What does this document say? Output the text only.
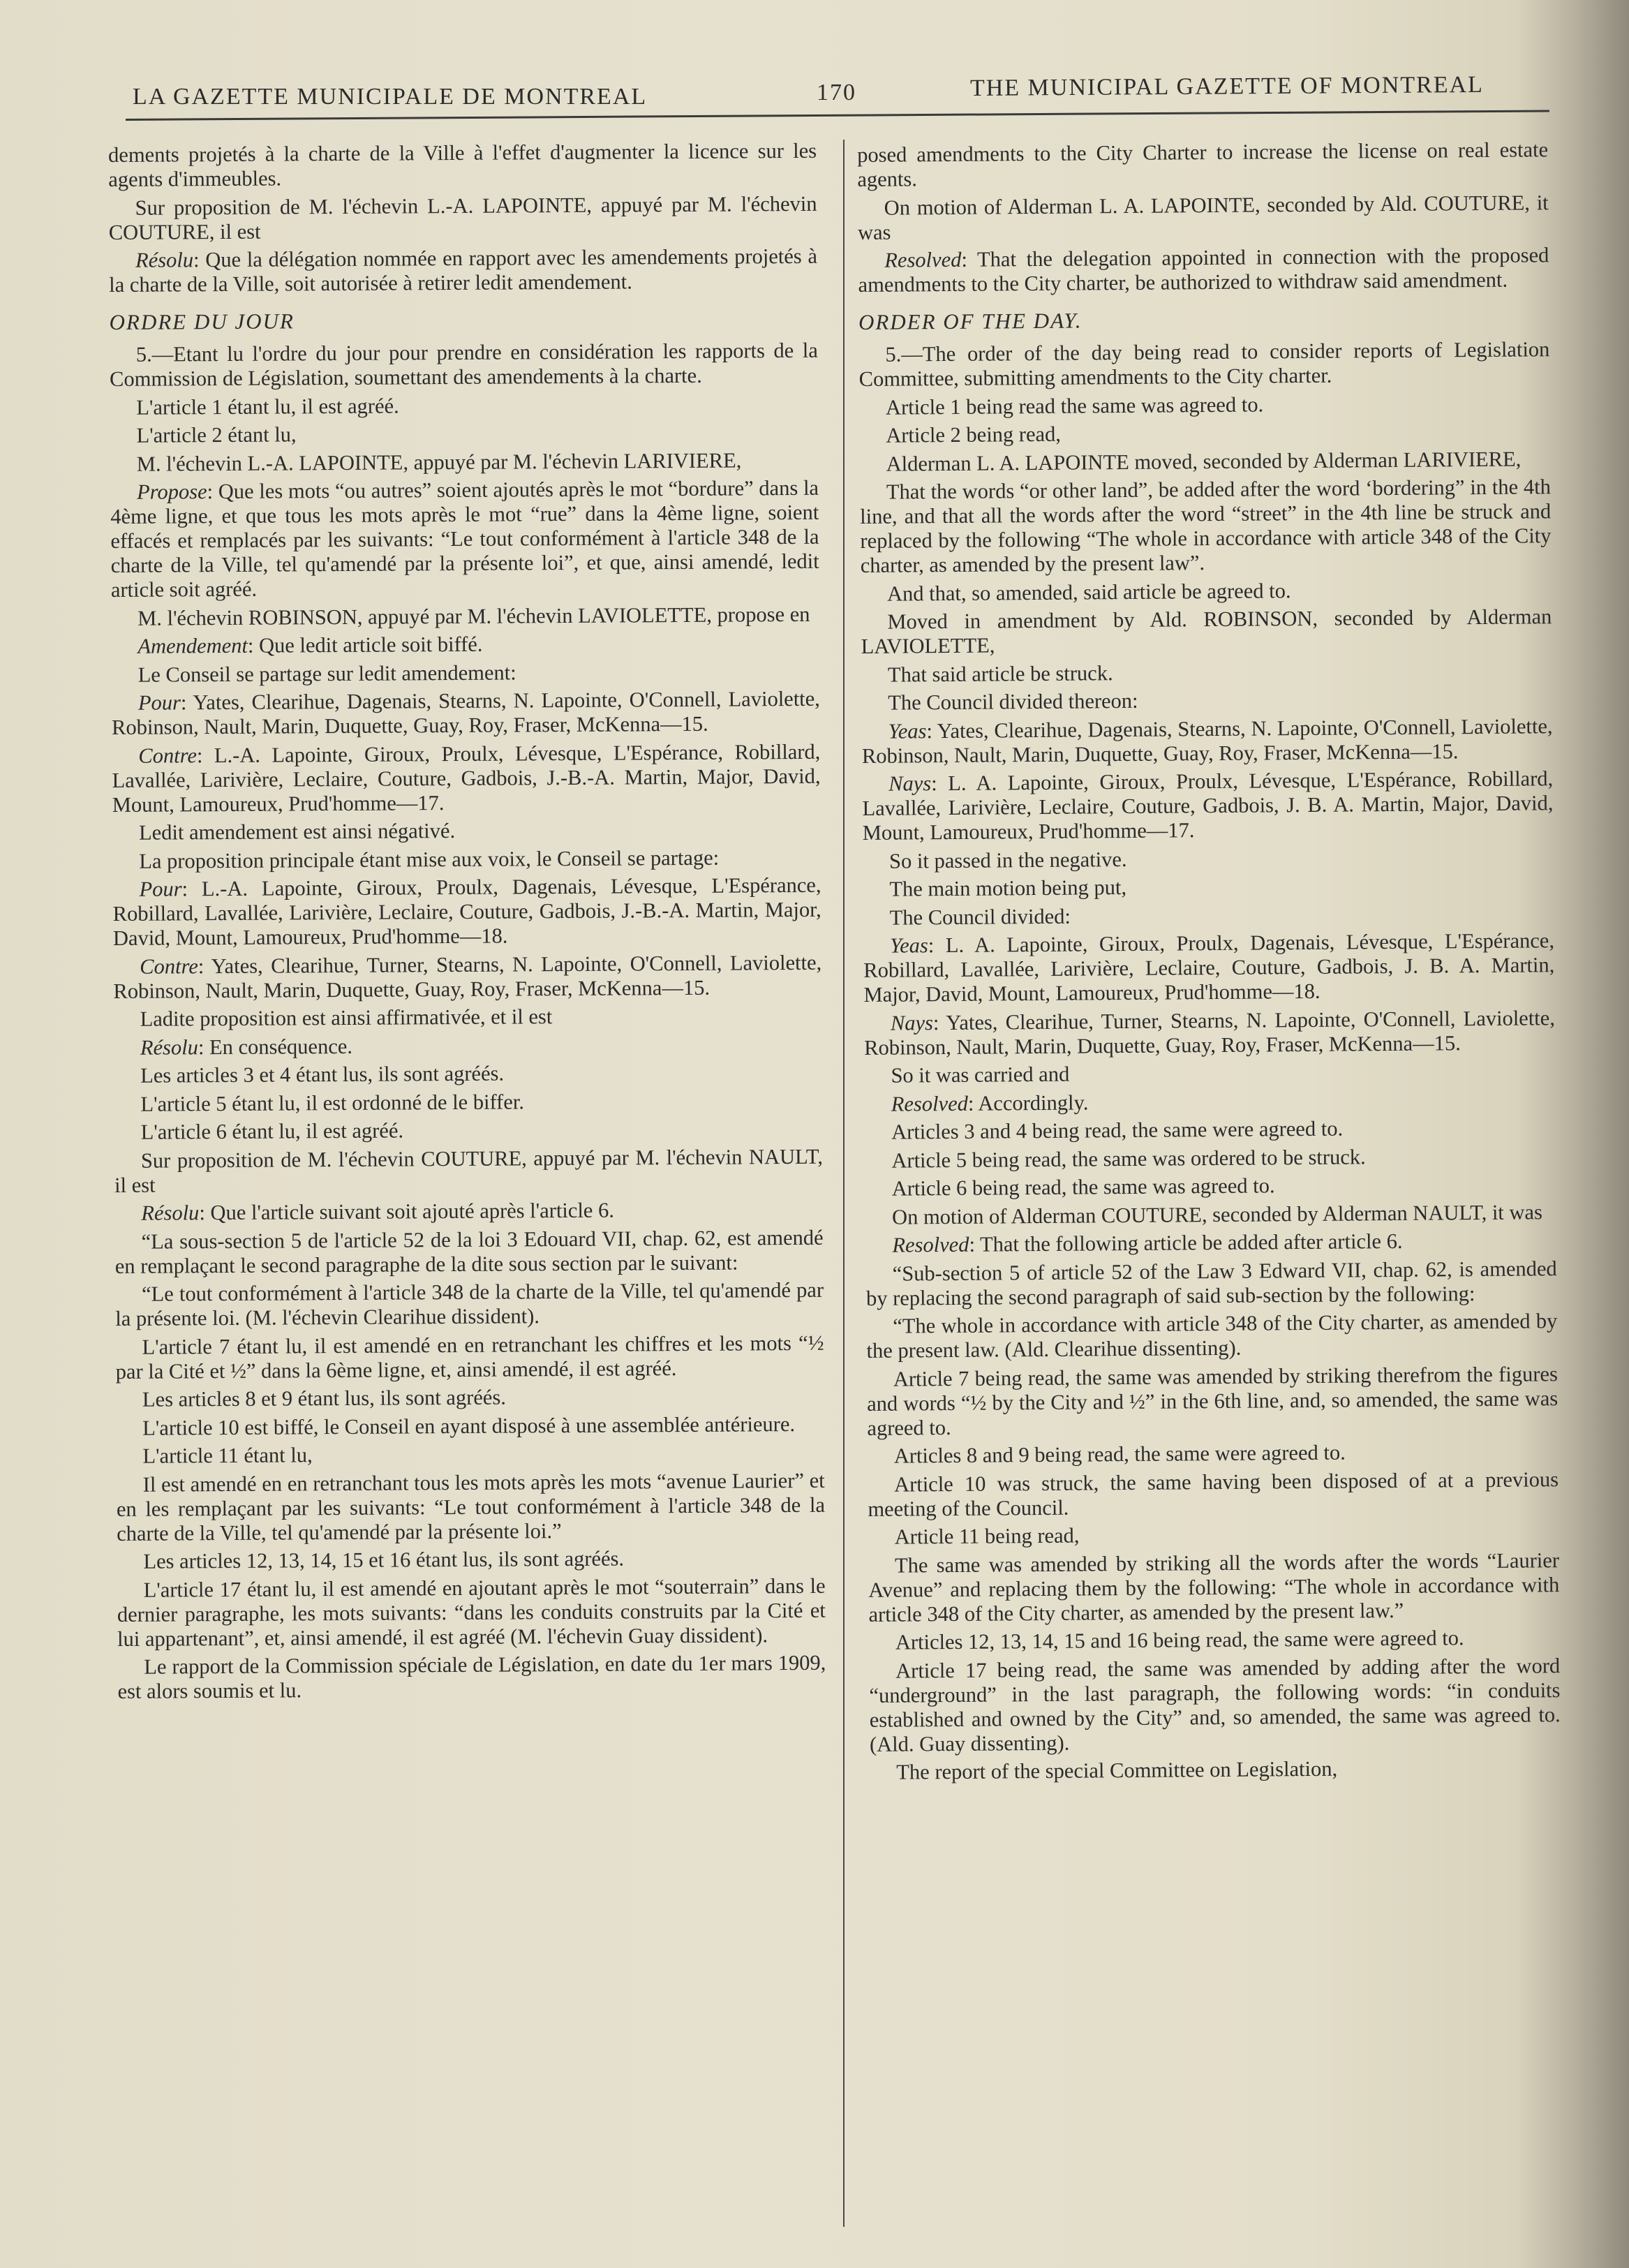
LA GAZETTE MUNICIPALE DE MONTREAL	170	THE MUNICIPAL GAZETTE OF MONTREAL

dements projetés à la charte de la Ville à l'effet d'augmenter la licence sur les agents d'immeubles.

Sur proposition de M. l'échevin L.-A. LAPOINTE, appuyé par M. l'échevin COUTURE, il est

Résolu: Que la délégation nommée en rapport avec les amendements projetés à la charte de la Ville, soit autorisée à retirer ledit amendement.

ORDRE DU JOUR

5.—Etant lu l'ordre du jour pour prendre en considération les rapports de la Commission de Législation, soumettant des amendements à la charte.

L'article 1 étant lu, il est agréé.

L'article 2 étant lu,

M. l'échevin L.-A. LAPOINTE, appuyé par M. l'échevin LARIVIERE,

Propose: Que les mots “ou autres” soient ajoutés après le mot “bordure” dans la 4ème ligne, et que tous les mots après le mot “rue” dans la 4ème ligne, soient effacés et remplacés par les suivants: “Le tout conformément à l'article 348 de la charte de la Ville, tel qu'amendé par la présente loi”, et que, ainsi amendé, ledit article soit agréé.

M. l'échevin ROBINSON, appuyé par M. l'échevin LAVIOLETTE, propose en

Amendement: Que ledit article soit biffé.

Le Conseil se partage sur ledit amendement:

Pour: Yates, Clearihue, Dagenais, Stearns, N. Lapointe, O'Connell, Laviolette, Robinson, Nault, Marin, Duquette, Guay, Roy, Fraser, McKenna—15.

Contre: L.-A. Lapointe, Giroux, Proulx, Lévesque, L'Espérance, Robillard, Lavallée, Larivière, Leclaire, Couture, Gadbois, J.-B.-A. Martin, Major, David, Mount, Lamoureux, Prud'homme—17.

Ledit amendement est ainsi négativé.

La proposition principale étant mise aux voix, le Conseil se partage:

Pour: L.-A. Lapointe, Giroux, Proulx, Dagenais, Lévesque, L'Espérance, Robillard, Lavallée, Larivière, Leclaire, Couture, Gadbois, J.-B.-A. Martin, Major, David, Mount, Lamoureux, Prud'homme—18.

Contre: Yates, Clearihue, Turner, Stearns, N. Lapointe, O'Connell, Laviolette, Robinson, Nault, Marin, Duquette, Guay, Roy, Fraser, McKenna—15.

Ladite proposition est ainsi affirmativée, et il est

Résolu: En conséquence.

Les articles 3 et 4 étant lus, ils sont agréés.

L'article 5 étant lu, il est ordonné de le biffer.

L'article 6 étant lu, il est agréé.

Sur proposition de M. l'échevin COUTURE, appuyé par M. l'échevin NAULT, il est

Résolu: Que l'article suivant soit ajouté après l'article 6.

“La sous-section 5 de l'article 52 de la loi 3 Edouard VII, chap. 62, est amendé en remplaçant le second paragraphe de la dite sous section par le suivant:

“Le tout conformément à l'article 348 de la charte de la Ville, tel qu'amendé par la présente loi. (M. l'échevin Clearihue dissident).

L'article 7 étant lu, il est amendé en en retranchant les chiffres et les mots “½ par la Cité et ½” dans la 6ème ligne, et, ainsi amendé, il est agréé.

Les articles 8 et 9 étant lus, ils sont agréés.

L'article 10 est biffé, le Conseil en ayant disposé à une assemblée antérieure.

L'article 11 étant lu,

Il est amendé en en retranchant tous les mots après les mots “avenue Laurier” et en les remplaçant par les suivants: “Le tout conformément à l'article 348 de la charte de la Ville, tel qu'amendé par la présente loi.”

Les articles 12, 13, 14, 15 et 16 étant lus, ils sont agréés.

L'article 17 étant lu, il est amendé en ajoutant après le mot “souterrain” dans le dernier paragraphe, les mots suivants: “dans les conduits construits par la Cité et lui appartenant”, et, ainsi amendé, il est agréé (M. l'échevin Guay dissident).

Le rapport de la Commission spéciale de Législation, en date du 1er mars 1909, est alors soumis et lu.

posed amendments to the City Charter to increase the license on real estate agents.

On motion of Alderman L. A. LAPOINTE, seconded by Ald. COUTURE, it was

Resolved: That the delegation appointed in connection with the proposed amendments to the City charter, be authorized to withdraw said amendment.

ORDER OF THE DAY.

5.—The order of the day being read to consider reports of Legislation Committee, submitting amendments to the City charter.

Article 1 being read the same was agreed to.

Article 2 being read,

Alderman L. A. LAPOINTE moved, seconded by Alderman LARIVIERE,

That the words “or other land”, be added after the word ‘bordering” in the 4th line, and that all the words after the word “street” in the 4th line be struck and replaced by the following “The whole in accordance with article 348 of the City charter, as amended by the present law”.

And that, so amended, said article be agreed to.

Moved in amendment by Ald. ROBINSON, seconded by Alderman LAVIOLETTE,

That said article be struck.

The Council divided thereon:

Yeas: Yates, Clearihue, Dagenais, Stearns, N. Lapointe, O'Connell, Laviolette, Robinson, Nault, Marin, Duquette, Guay, Roy, Fraser, McKenna—15.

Nays: L. A. Lapointe, Giroux, Proulx, Lévesque, L'Espérance, Robillard, Lavallée, Larivière, Leclaire, Couture, Gadbois, J. B. A. Martin, Major, David, Mount, Lamoureux, Prud'homme—17.

So it passed in the negative.

The main motion being put,

The Council divided:

Yeas: L. A. Lapointe, Giroux, Proulx, Dagenais, Lévesque, L'Espérance, Robillard, Lavallée, Larivière, Leclaire, Couture, Gadbois, J. B. A. Martin, Major, David, Mount, Lamoureux, Prud'homme—18.

Nays: Yates, Clearihue, Turner, Stearns, N. Lapointe, O'Connell, Laviolette, Robinson, Nault, Marin, Duquette, Guay, Roy, Fraser, McKenna—15.

So it was carried and

Resolved: Accordingly.

Articles 3 and 4 being read, the same were agreed to.

Article 5 being read, the same was ordered to be struck.

Article 6 being read, the same was agreed to.

On motion of Alderman COUTURE, seconded by Alderman NAULT, it was

Resolved: That the following article be added after article 6.

“Sub-section 5 of article 52 of the Law 3 Edward VII, chap. 62, is amended by replacing the second paragraph of said sub-section by the following:

“The whole in accordance with article 348 of the City charter, as amended by the present law. (Ald. Clearihue dissenting).

Article 7 being read, the same was amended by striking therefrom the figures and words “½ by the City and ½” in the 6th line, and, so amended, the same was agreed to.

Articles 8 and 9 being read, the same were agreed to.

Article 10 was struck, the same having been disposed of at a previous meeting of the Council.

Article 11 being read,

The same was amended by striking all the words after the words “Laurier Avenue” and replacing them by the following: “The whole in accordance with article 348 of the City charter, as amended by the present law.”

Articles 12, 13, 14, 15 and 16 being read, the same were agreed to.

Article 17 being read, the same was amended by adding after the word “underground” in the last paragraph, the following words: “in conduits established and owned by the City” and, so amended, the same was agreed to. (Ald. Guay dissenting).

The report of the special Committee on Legislation,
